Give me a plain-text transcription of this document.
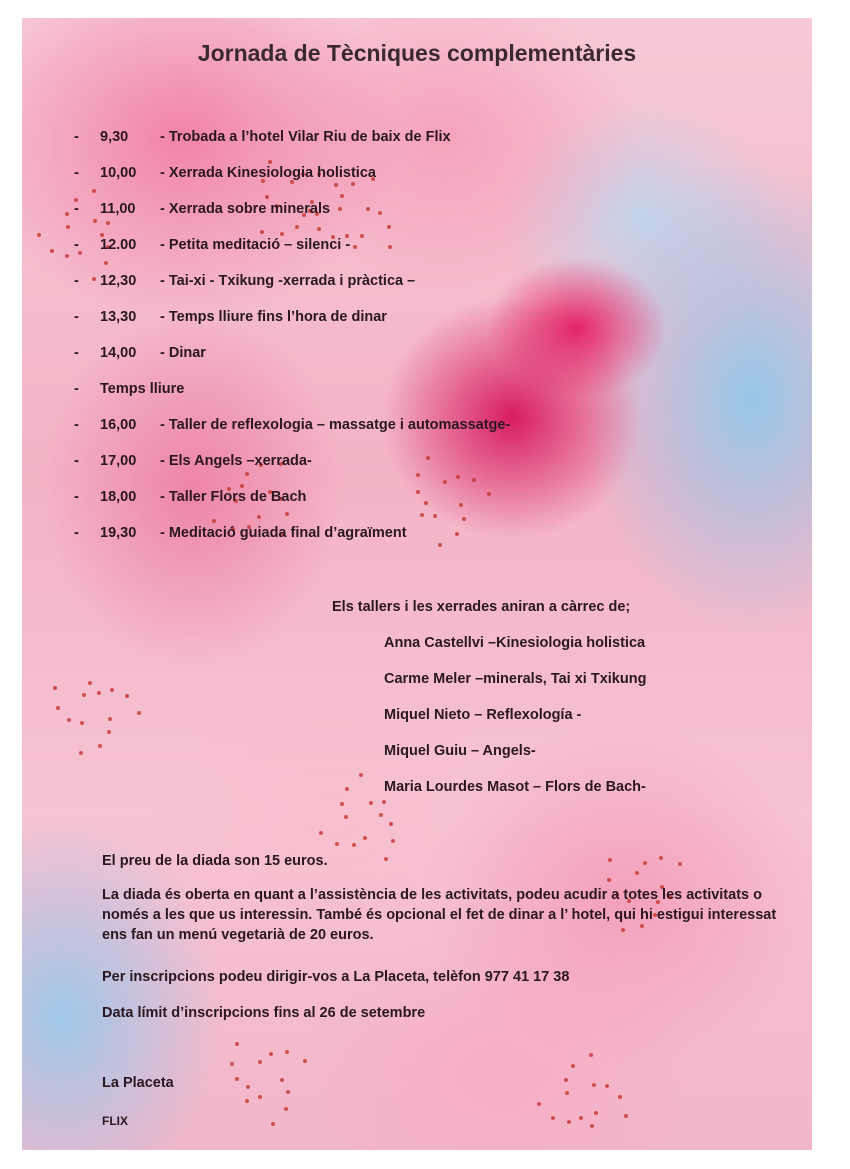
Jornada de Tècniques complementàries
-	9,30 - Trobada a l’hotel Vilar Riu de baix de Flix
-	10,00 - Xerrada Kinesiologia holistica
-	11,00 - Xerrada sobre minerals
-	12.00 - Petita meditació – silenci -
-	12,30 - Tai-xi - Txikung -xerrada i pràctica –
-	13,30 - Temps lliure fins l’hora de dinar
-	14,00 - Dinar
-	Temps lliure
-	16,00 - Taller de reflexologia – massatge i automassatge-
-	17,00 - Els Angels –xerrada-
-	18,00 - Taller Flors de Bach
-	19,30 - Meditació guiada final d’agraïment
Els tallers i les xerrades aniran a càrrec de;
Anna Castellvi –Kinesiologia holistica
Carme Meler –minerals, Tai xi Txikung
Miquel Nieto – Reflexología -
Miquel Guiu – Angels-
Maria Lourdes Masot – Flors de Bach-
El preu de la diada son 15 euros.
La diada és oberta en quant a l’assistència de les activitats, podeu acudir a totes les activitats o només a les que us interessin. També és opcional el fet de dinar a l’ hotel, qui hi estigui interessat ens fan un menú vegetarià de 20 euros.
Per inscripcions podeu dirigir-vos a La Placeta, telèfon 977 41 17 38
Data límit d’inscripcions fins al 26 de setembre
La Placeta
FLIX
